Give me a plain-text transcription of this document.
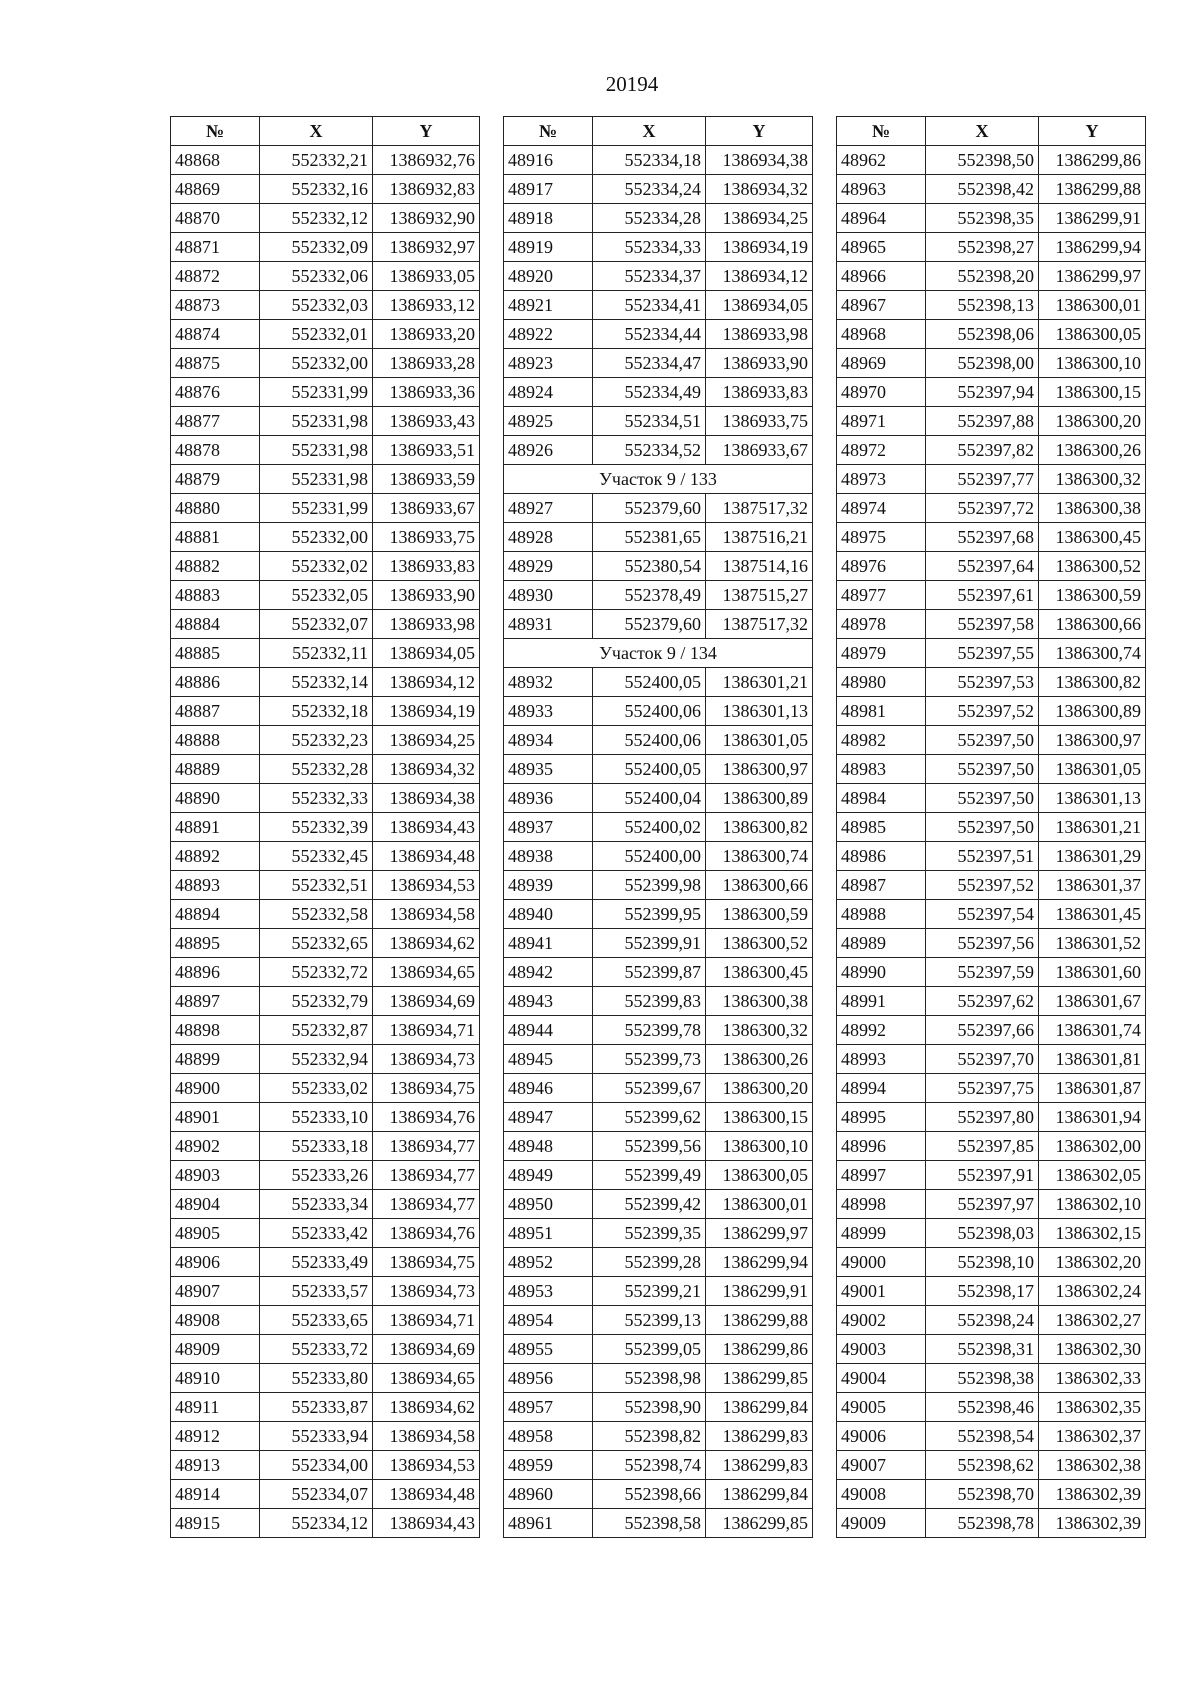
20194
№	X	Y
48868	552332,21	1386932,76
48869	552332,16	1386932,83
48870	552332,12	1386932,90
48871	552332,09	1386932,97
48872	552332,06	1386933,05
48873	552332,03	1386933,12
48874	552332,01	1386933,20
48875	552332,00	1386933,28
48876	552331,99	1386933,36
48877	552331,98	1386933,43
48878	552331,98	1386933,51
48879	552331,98	1386933,59
48880	552331,99	1386933,67
48881	552332,00	1386933,75
48882	552332,02	1386933,83
48883	552332,05	1386933,90
48884	552332,07	1386933,98
48885	552332,11	1386934,05
48886	552332,14	1386934,12
48887	552332,18	1386934,19
48888	552332,23	1386934,25
48889	552332,28	1386934,32
48890	552332,33	1386934,38
48891	552332,39	1386934,43
48892	552332,45	1386934,48
48893	552332,51	1386934,53
48894	552332,58	1386934,58
48895	552332,65	1386934,62
48896	552332,72	1386934,65
48897	552332,79	1386934,69
48898	552332,87	1386934,71
48899	552332,94	1386934,73
48900	552333,02	1386934,75
48901	552333,10	1386934,76
48902	552333,18	1386934,77
48903	552333,26	1386934,77
48904	552333,34	1386934,77
48905	552333,42	1386934,76
48906	552333,49	1386934,75
48907	552333,57	1386934,73
48908	552333,65	1386934,71
48909	552333,72	1386934,69
48910	552333,80	1386934,65
48911	552333,87	1386934,62
48912	552333,94	1386934,58
48913	552334,00	1386934,53
48914	552334,07	1386934,48
48915	552334,12	1386934,43
№	X	Y
48916	552334,18	1386934,38
48917	552334,24	1386934,32
48918	552334,28	1386934,25
48919	552334,33	1386934,19
48920	552334,37	1386934,12
48921	552334,41	1386934,05
48922	552334,44	1386933,98
48923	552334,47	1386933,90
48924	552334,49	1386933,83
48925	552334,51	1386933,75
48926	552334,52	1386933,67
Участок 9 / 133		
48927	552379,60	1387517,32
48928	552381,65	1387516,21
48929	552380,54	1387514,16
48930	552378,49	1387515,27
48931	552379,60	1387517,32
Участок 9 / 134		
48932	552400,05	1386301,21
48933	552400,06	1386301,13
48934	552400,06	1386301,05
48935	552400,05	1386300,97
48936	552400,04	1386300,89
48937	552400,02	1386300,82
48938	552400,00	1386300,74
48939	552399,98	1386300,66
48940	552399,95	1386300,59
48941	552399,91	1386300,52
48942	552399,87	1386300,45
48943	552399,83	1386300,38
48944	552399,78	1386300,32
48945	552399,73	1386300,26
48946	552399,67	1386300,20
48947	552399,62	1386300,15
48948	552399,56	1386300,10
48949	552399,49	1386300,05
48950	552399,42	1386300,01
48951	552399,35	1386299,97
48952	552399,28	1386299,94
48953	552399,21	1386299,91
48954	552399,13	1386299,88
48955	552399,05	1386299,86
48956	552398,98	1386299,85
48957	552398,90	1386299,84
48958	552398,82	1386299,83
48959	552398,74	1386299,83
48960	552398,66	1386299,84
48961	552398,58	1386299,85
№	X	Y
48962	552398,50	1386299,86
48963	552398,42	1386299,88
48964	552398,35	1386299,91
48965	552398,27	1386299,94
48966	552398,20	1386299,97
48967	552398,13	1386300,01
48968	552398,06	1386300,05
48969	552398,00	1386300,10
48970	552397,94	1386300,15
48971	552397,88	1386300,20
48972	552397,82	1386300,26
48973	552397,77	1386300,32
48974	552397,72	1386300,38
48975	552397,68	1386300,45
48976	552397,64	1386300,52
48977	552397,61	1386300,59
48978	552397,58	1386300,66
48979	552397,55	1386300,74
48980	552397,53	1386300,82
48981	552397,52	1386300,89
48982	552397,50	1386300,97
48983	552397,50	1386301,05
48984	552397,50	1386301,13
48985	552397,50	1386301,21
48986	552397,51	1386301,29
48987	552397,52	1386301,37
48988	552397,54	1386301,45
48989	552397,56	1386301,52
48990	552397,59	1386301,60
48991	552397,62	1386301,67
48992	552397,66	1386301,74
48993	552397,70	1386301,81
48994	552397,75	1386301,87
48995	552397,80	1386301,94
48996	552397,85	1386302,00
48997	552397,91	1386302,05
48998	552397,97	1386302,10
48999	552398,03	1386302,15
49000	552398,10	1386302,20
49001	552398,17	1386302,24
49002	552398,24	1386302,27
49003	552398,31	1386302,30
49004	552398,38	1386302,33
49005	552398,46	1386302,35
49006	552398,54	1386302,37
49007	552398,62	1386302,38
49008	552398,70	1386302,39
49009	552398,78	1386302,39
